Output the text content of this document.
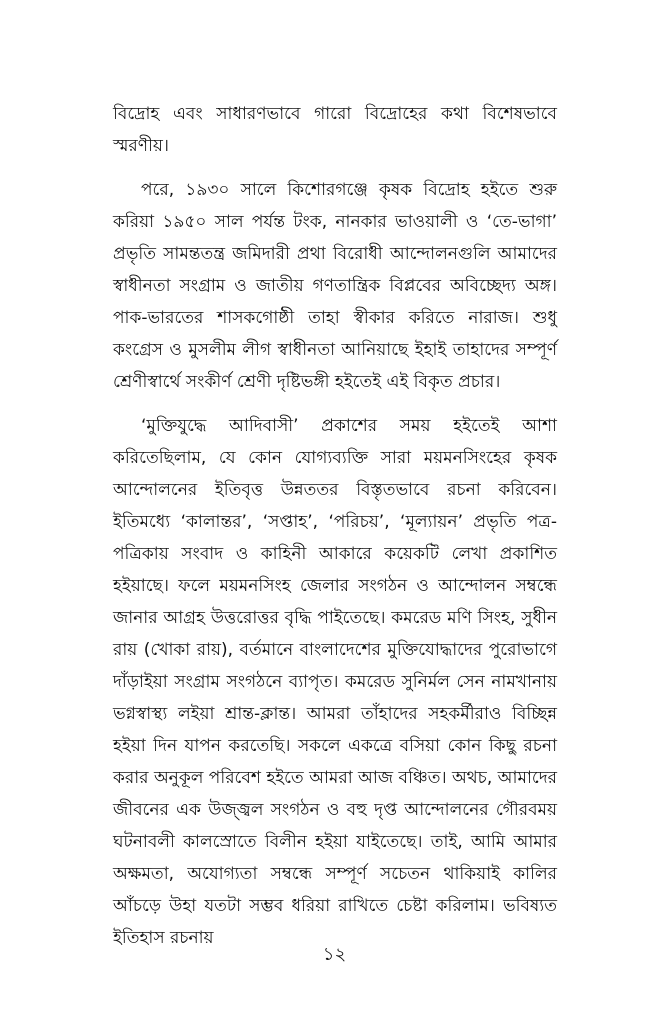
বিদ্রোহ এবং সাধারণভাবে গারো বিদ্রোহের কথা বিশেষভাবে স্মরণীয়।

পরে, ১৯৩০ সালে কিশোরগঞ্জে কৃষক বিদ্রোহ হইতে শুরু করিয়া ১৯৫০ সাল পর্যন্ত টংক, নানকার ভাওয়ালী ও ‘তে-ভাগা’ প্রভৃতি সামন্ততন্ত্র জমিদারী প্রথা বিরোধী আন্দোলনগুলি আমাদের স্বাধীনতা সংগ্রাম ও জাতীয় গণতান্ত্রিক বিপ্লবের অবিচ্ছেদ্য অঙ্গ। পাক-ভারতের শাসকগোষ্ঠী তাহা স্বীকার করিতে নারাজ। শুধু কংগ্রেস ও মুসলীম লীগ স্বাধীনতা আনিয়াছে ইহাই তাহাদের সম্পূর্ণ শ্রেণীস্বার্থে সংকীর্ণ শ্রেণী দৃষ্টিভঙ্গী হইতেই এই বিকৃত প্রচার।

‘মুক্তিযুদ্ধে আদিবাসী’ প্রকাশের সময় হইতেই আশা করিতেছিলাম, যে কোন যোগ্যব্যক্তি সারা ময়মনসিংহের কৃষক আন্দোলনের ইতিবৃত্ত উন্নততর বিস্তৃতভাবে রচনা করিবেন। ইতিমধ্যে ‘কালান্তর’, ‘সপ্তাহ’, ‘পরিচয়’, ‘মূল্যায়ন’ প্রভৃতি পত্র-পত্রিকায় সংবাদ ও কাহিনী আকারে কয়েকটি লেখা প্রকাশিত হইয়াছে। ফলে ময়মনসিংহ জেলার সংগঠন ও আন্দোলন সম্বন্ধে জানার আগ্রহ উত্তরোত্তর বৃদ্ধি পাইতেছে। কমরেড মণি সিংহ, সুধীন রায় (খোকা রায়), বর্তমানে বাংলাদেশের মুক্তিযোদ্ধাদের পুরোভাগে দাঁড়াইয়া সংগ্রাম সংগঠনে ব্যাপৃত। কমরেড সুনির্মল সেন নামখানায় ভগ্নস্বাস্থ্য লইয়া শ্রান্ত-ক্লান্ত। আমরা তাঁহাদের সহকর্মীরাও বিচ্ছিন্ন হইয়া দিন যাপন করতেছি। সকলে একত্রে বসিয়া কোন কিছু রচনা করার অনুকূল পরিবেশ হইতে আমরা আজ বঞ্চিত। অথচ, আমাদের জীবনের এক উজ্জ্বল সংগঠন ও বহু দৃপ্ত আন্দোলনের গৌরবময় ঘটনাবলী কালস্রোতে বিলীন হইয়া যাইতেছে। তাই, আমি আমার অক্ষমতা, অযোগ্যতা সম্বন্ধে সম্পূর্ণ সচেতন থাকিয়াই কালির আঁচড়ে উহা যতটা সম্ভব ধরিয়া রাখিতে চেষ্টা করিলাম। ভবিষ্যত ইতিহাস রচনায়

১২
